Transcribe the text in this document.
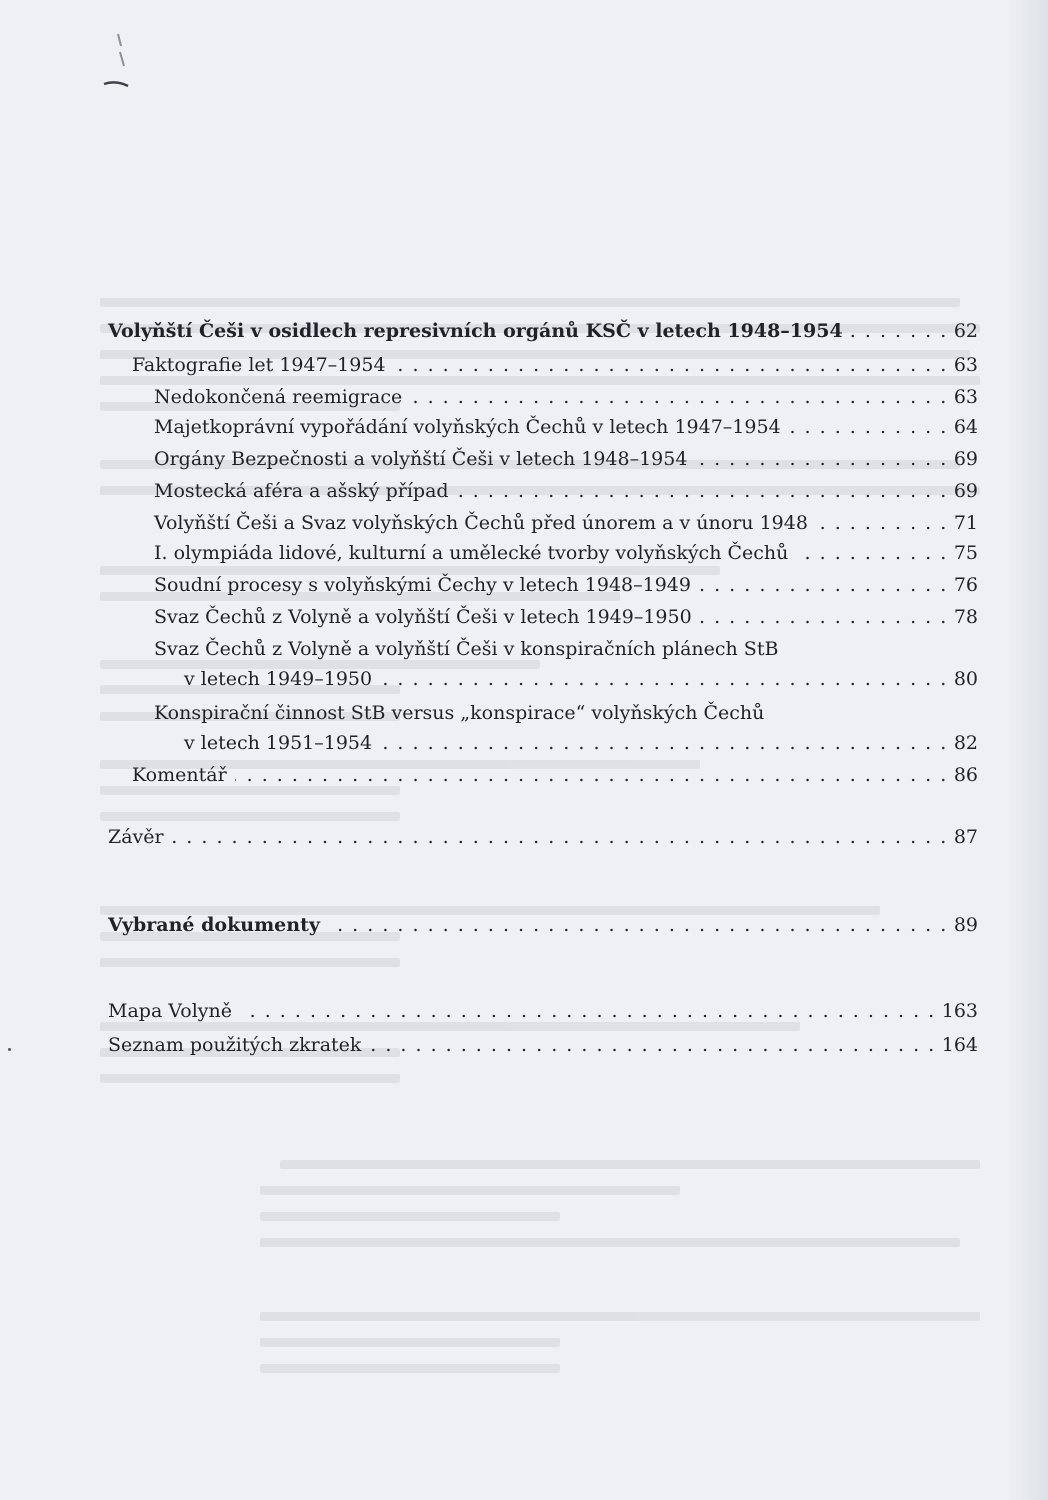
Volyňští Češi v osidlech represivních orgánů KSČ v letech 1948–1954 . . .	62
Faktografie let 1947–1954 . . .	63
Nedokončená reemigrace . . .	63
Majetkoprávní vypořádání volyňských Čechů v letech 1947–1954 . . .	64
Orgány Bezpečnosti a volyňští Češi v letech 1948–1954 . . .	69
Mostecká aféra a ašský případ . . .	69
Volyňští Češi a Svaz volyňských Čechů před únorem a v únoru 1948 . . .	71
I. olympiáda lidové, kulturní a umělecké tvorby volyňských Čechů . . .	75
Soudní procesy s volyňskými Čechy v letech 1948–1949 . . .	76
Svaz Čechů z Volyně a volyňští Češi v letech 1949–1950 . . .	78
Svaz Čechů z Volyně a volyňští Češi v konspiračních plánech StB
v letech 1949–1950 . . .	80
Konspirační činnost StB versus „konspirace“ volyňských Čechů
v letech 1951–1954 . . .	82
Komentář . . .	86
Závěr . . .	87
Vybrané dokumenty . . .	89
Mapa Volyně . . .	163
Seznam použitých zkratek . . .	164
